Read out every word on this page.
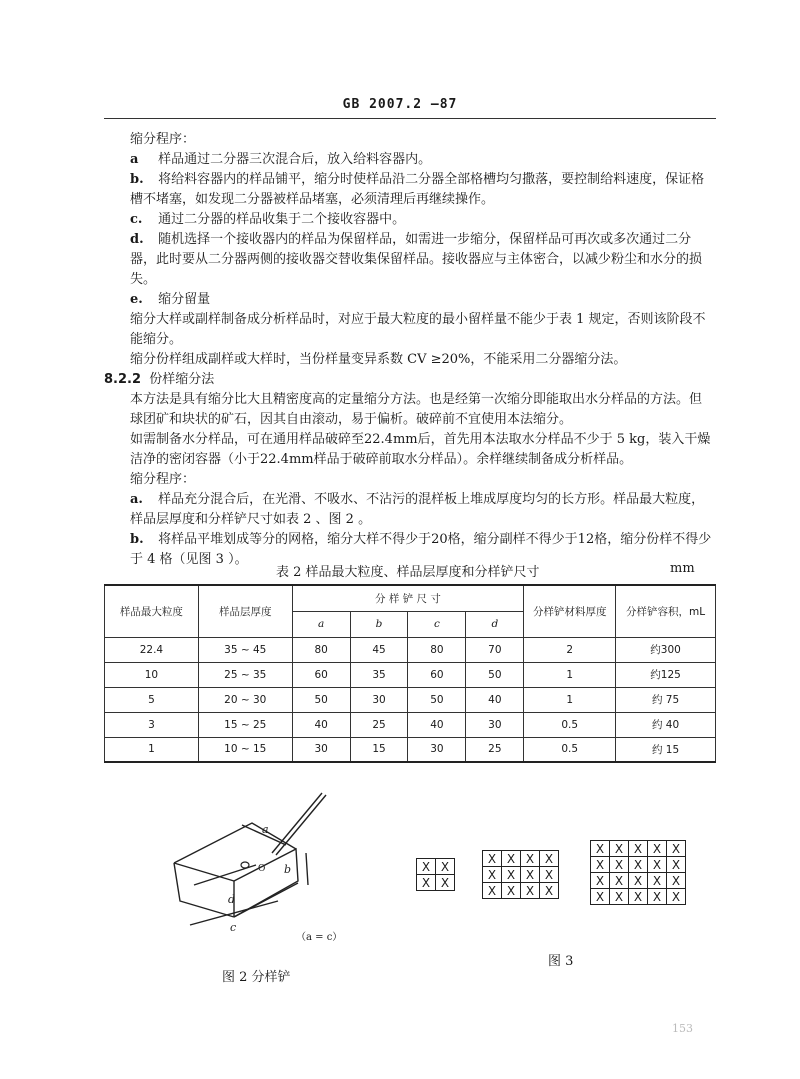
GB 2007.2 —87
缩分程序：
a 样品通过二分器三次混合后，放入给料容器内。
b. 将给料容器内的样品铺平，缩分时使样品沿二分器全部格槽均匀撒落，要控制给料速度，保证格槽不堵塞，如发现二分器被样品堵塞，必须清理后再继续操作。
c. 通过二分器的样品收集于二个接收容器中。
d. 随机选择一个接收器内的样品为保留样品，如需进一步缩分，保留样品可再次或多次通过二分器，此时要从二分器两侧的接收器交替收集保留样品。接收器应与主体密合，以减少粉尘和水分的损失。
e. 缩分留量
缩分大样或副样制备成分析样品时，对应于最大粒度的最小留样量不能少于表 1 规定，否则该阶段不能缩分。
缩分份样组成副样或大样时，当份样量变异系数 CV ≥20%，不能采用二分器缩分法。
8.2.2 份样缩分法
本方法是具有缩分比大且精密度高的定量缩分方法。也是经第一次缩分即能取出水分样品的方法。但球团矿和块状的矿石，因其自由滚动，易于偏析。破碎前不宜使用本法缩分。
如需制备水分样品，可在通用样品破碎至22.4mm后，首先用本法取水分样品不少于 5 kg，装入干燥洁净的密闭容器（小于22.4mm样品于破碎前取水分样品）。余样继续制备成分析样品。
缩分程序：
a. 样品充分混合后，在光滑、不吸水、不沾污的混样板上堆成厚度均匀的长方形。样品最大粒度，样品层厚度和分样铲尺寸如表 2 、图 2 。
b. 将样品平堆划成等分的网格，缩分大样不得少于20格，缩分副样不得少于12格，缩分份样不得少于 4 格（见图 3 ）。
表 2 样品最大粒度、样品层厚度和分样铲尺寸	mm
样品最大粒度	样品层厚度	分 样 铲 尺 寸				分样铲材料厚度	分样铲容积，mL
		a	b	c	d		
22.4	35 ~ 45	80	45	80	70	2	约300
10	25 ~ 35	60	35	60	50	1	约125
5	20 ~ 30	50	30	50	40	1	约 75
3	15 ~ 25	40	25	40	30	0.5	约 40
1	10 ~ 15	30	15	30	25	0.5	约 15
a
b
d
c
O
（a = c）
图 2 分样铲
X	X
X	X
X	X	X	X
X	X	X	X
X	X	X	X
X	X	X	X	X
X	X	X	X	X
X	X	X	X	X
X	X	X	X	X
图 3
153
